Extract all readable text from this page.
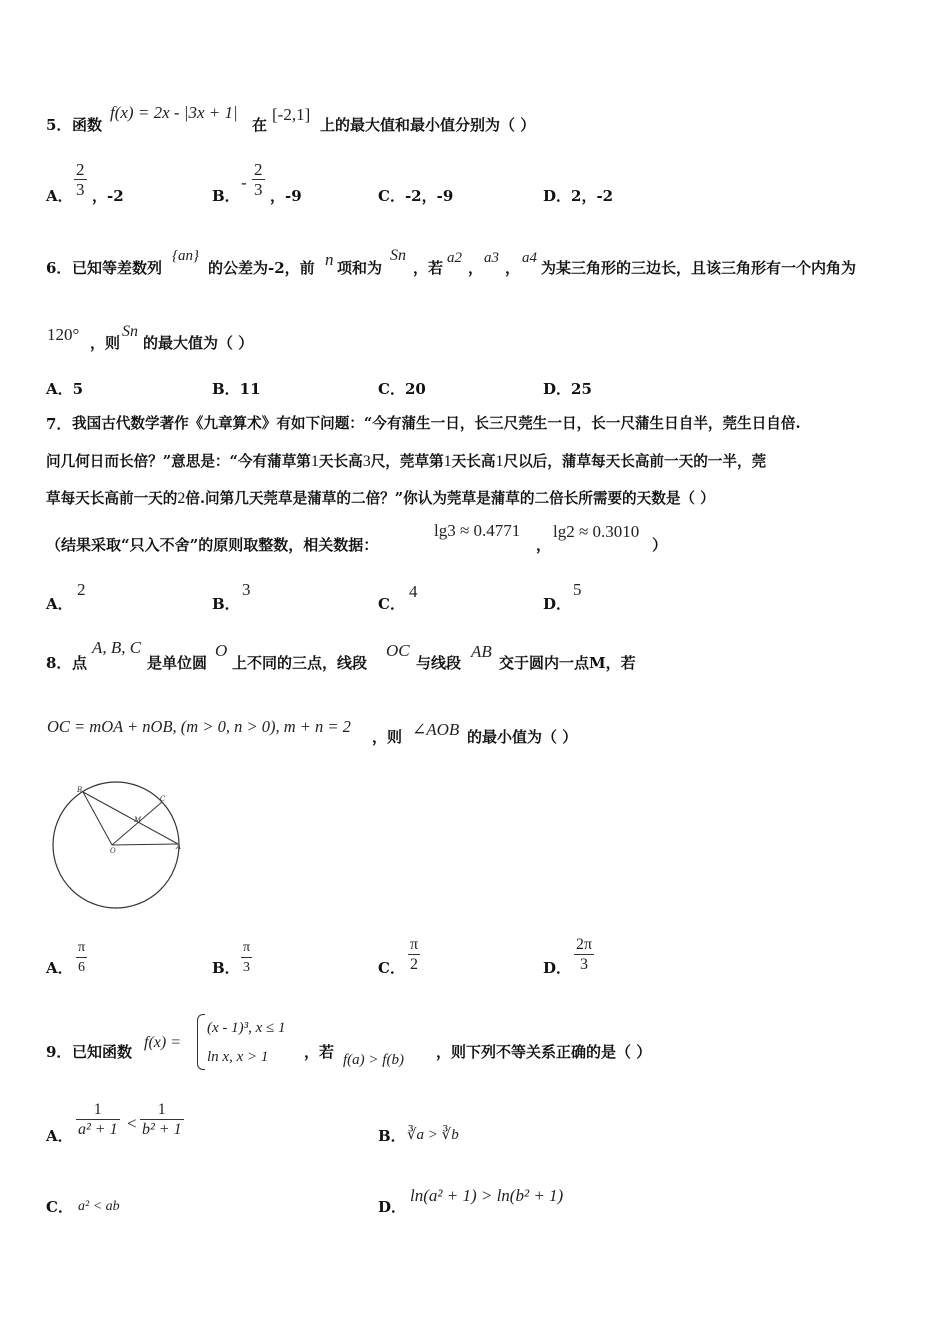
5． 函数
f(x) = 2x - |3x + 1|
在
[-2,1]
上的最大值和最小值分别为（ ）
A．
2
3 ，-2	B．
-
2
3 ，-9	C．-2，-9	D．2，-2
6． 已知等差数列
{an}
的公差为-2，前 n 项和为
Sn
，若
a2
，
a3
，
a4
为某三角形的三边长，且该三角形有一个内角为
120° ，则
Sn
的最大值为（ ）
A．5	B．11	C．20	D．25
7． 我国古代数学著作《九章算术》有如下问题：“今有蒲生一日，长三尺莞生一日，长一尺蒲生日自半，莞生日自倍.
问几何日而长倍？”意思是：“今有蒲草第1天长高3尺，莞草第1天长高1尺以后，蒲草每天长高前一天的一半，莞
草每天长高前一天的2倍.问第几天莞草是蒲草的二倍？”你认为莞草是蒲草的二倍长所需要的天数是（ ）
（结果采取“只入不舍”的原则取整数，相关数据：
lg3 ≈ 0.4771
，
lg2 ≈ 0.3010
）
A．
2
B．
3
C．
4
D．
5
8． 点
A, B, C
是单位圆
O
上不同的三点，线段
OC
与线段
AB
交于圆内一点M，若
OC = mOA + nOB, (m > 0, n > 0), m + n = 2
，则 ∠AOB 的最小值为（ ）
B
C
M
O	A
A．
π
6	B．
π
3	C．
π
2	D．
2π
3
9． 已知函数
f(x) =
(x - 1)³, x ≤ 1
ln x, x > 1 ，若 f(a) > f(b) ，则下列不等关系正确的是（ ）
A．
1
a² + 1 <
1
b² + 1	B． ∛a > ∛b
C． a² < ab	D．
ln(a² + 1) > ln(b² + 1)
